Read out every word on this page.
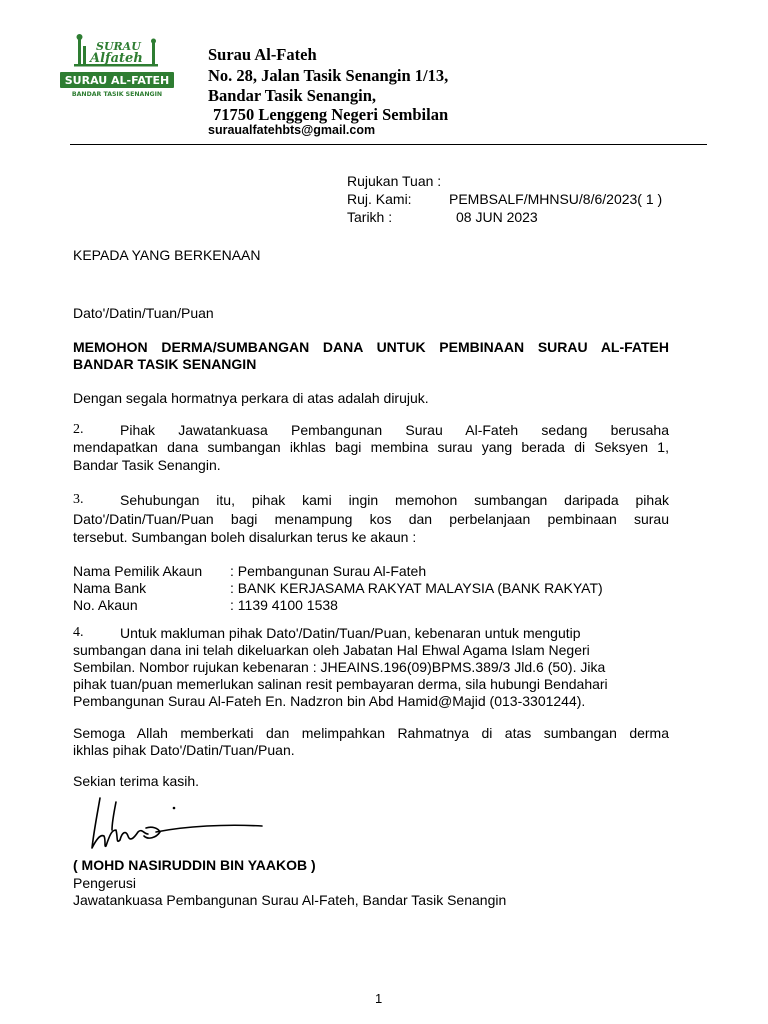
SURAU
Alfateh
SURAU AL-FATEH
BANDAR TASIK SENANGIN
Surau Al-Fateh
No. 28, Jalan Tasik Senangin 1/13,
Bandar Tasik Senangin,
71750 Lenggeng Negeri Sembilan
suraualfatehbts@gmail.com
Rujukan Tuan :
Ruj. Kami:	PEMBSALF/MHNSU/8/6/2023( 1 )
Tarikh :	08 JUN 2023
KEPADA YANG BERKENAAN
Dato'/Datin/Tuan/Puan
MEMOHON DERMA/SUMBANGAN DANA UNTUK PEMBINAAN SURAU AL-FATEH
BANDAR TASIK SENANGIN
Dengan segala hormatnya perkara di atas adalah dirujuk.
2.	Pihak Jawatankuasa Pembangunan Surau Al-Fateh sedang berusaha
mendapatkan dana sumbangan ikhlas bagi membina surau yang berada di Seksyen 1,
Bandar Tasik Senangin.
3.	Sehubungan itu, pihak kami ingin memohon sumbangan daripada pihak
Dato'/Datin/Tuan/Puan bagi menampung kos dan perbelanjaan pembinaan surau
tersebut. Sumbangan boleh disalurkan terus ke akaun :
Nama Pemilik Akaun : Pembangunan Surau Al-Fateh
Nama Bank	: BANK KERJASAMA RAKYAT MALAYSIA (BANK RAKYAT)
No. Akaun	: 1139 4100 1538
4.	Untuk makluman pihak Dato'/Datin/Tuan/Puan, kebenaran untuk mengutip
sumbangan dana ini telah dikeluarkan oleh Jabatan Hal Ehwal Agama Islam Negeri
Sembilan. Nombor rujukan kebenaran : JHEAINS.196(09)BPMS.389/3 Jld.6 (50). Jika
pihak tuan/puan memerlukan salinan resit pembayaran derma, sila hubungi Bendahari
Pembangunan Surau Al-Fateh En. Nadzron bin Abd Hamid@Majid (013-3301244).
Semoga Allah memberkati dan melimpahkan Rahmatnya di atas sumbangan derma
ikhlas pihak Dato'/Datin/Tuan/Puan.
Sekian terima kasih.
( MOHD NASIRUDDIN BIN YAAKOB )
Pengerusi
Jawatankuasa Pembangunan Surau Al-Fateh, Bandar Tasik Senangin
1
